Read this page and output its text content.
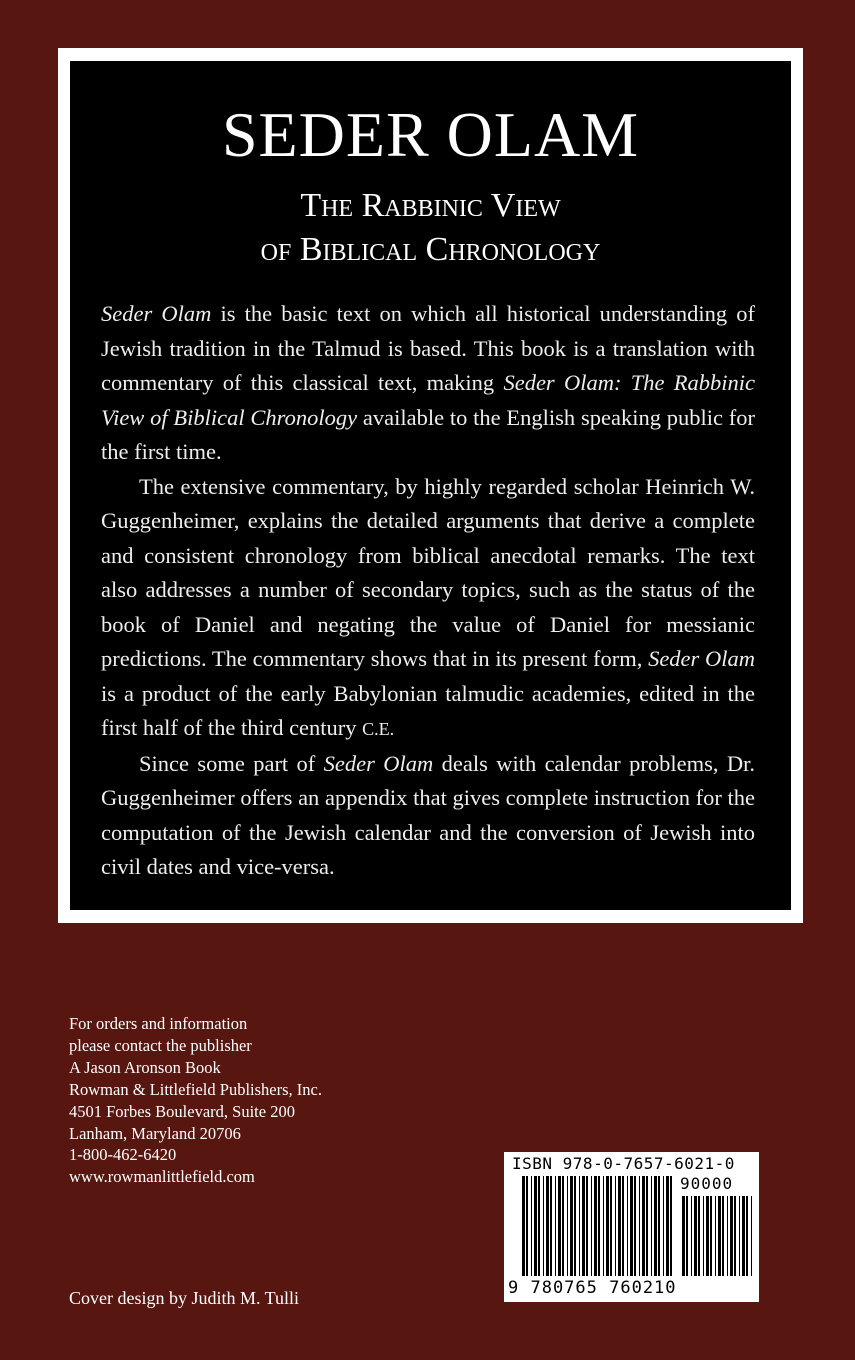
SEDER OLAM
The Rabbinic View
of Biblical Chronology

Seder Olam is the basic text on which all historical understanding of Jewish tradition in the Talmud is based. This book is a translation with commentary of this classical text, making Seder Olam: The Rabbinic View of Biblical Chronology available to the English speaking public for the first time.

The extensive commentary, by highly regarded scholar Heinrich W. Guggenheimer, explains the detailed arguments that derive a complete and consistent chronology from biblical anecdotal remarks. The text also addresses a number of secondary topics, such as the status of the book of Daniel and negating the value of Daniel for messianic predictions. The commentary shows that in its present form, Seder Olam is a product of the early Babylonian talmudic academies, edited in the first half of the third century C.E.

Since some part of Seder Olam deals with calendar problems, Dr. Guggenheimer offers an appendix that gives complete instruction for the computation of the Jewish calendar and the conversion of Jewish into civil dates and vice-versa.

For orders and information
please contact the publisher
A Jason Aronson Book
Rowman & Littlefield Publishers, Inc.
4501 Forbes Boulevard, Suite 200
Lanham, Maryland 20706
1-800-462-6420
www.rowmanlittlefield.com
Cover design by Judith M. Tulli
ISBN 978-0-7657-6021-0
90000
9 780765 760210
